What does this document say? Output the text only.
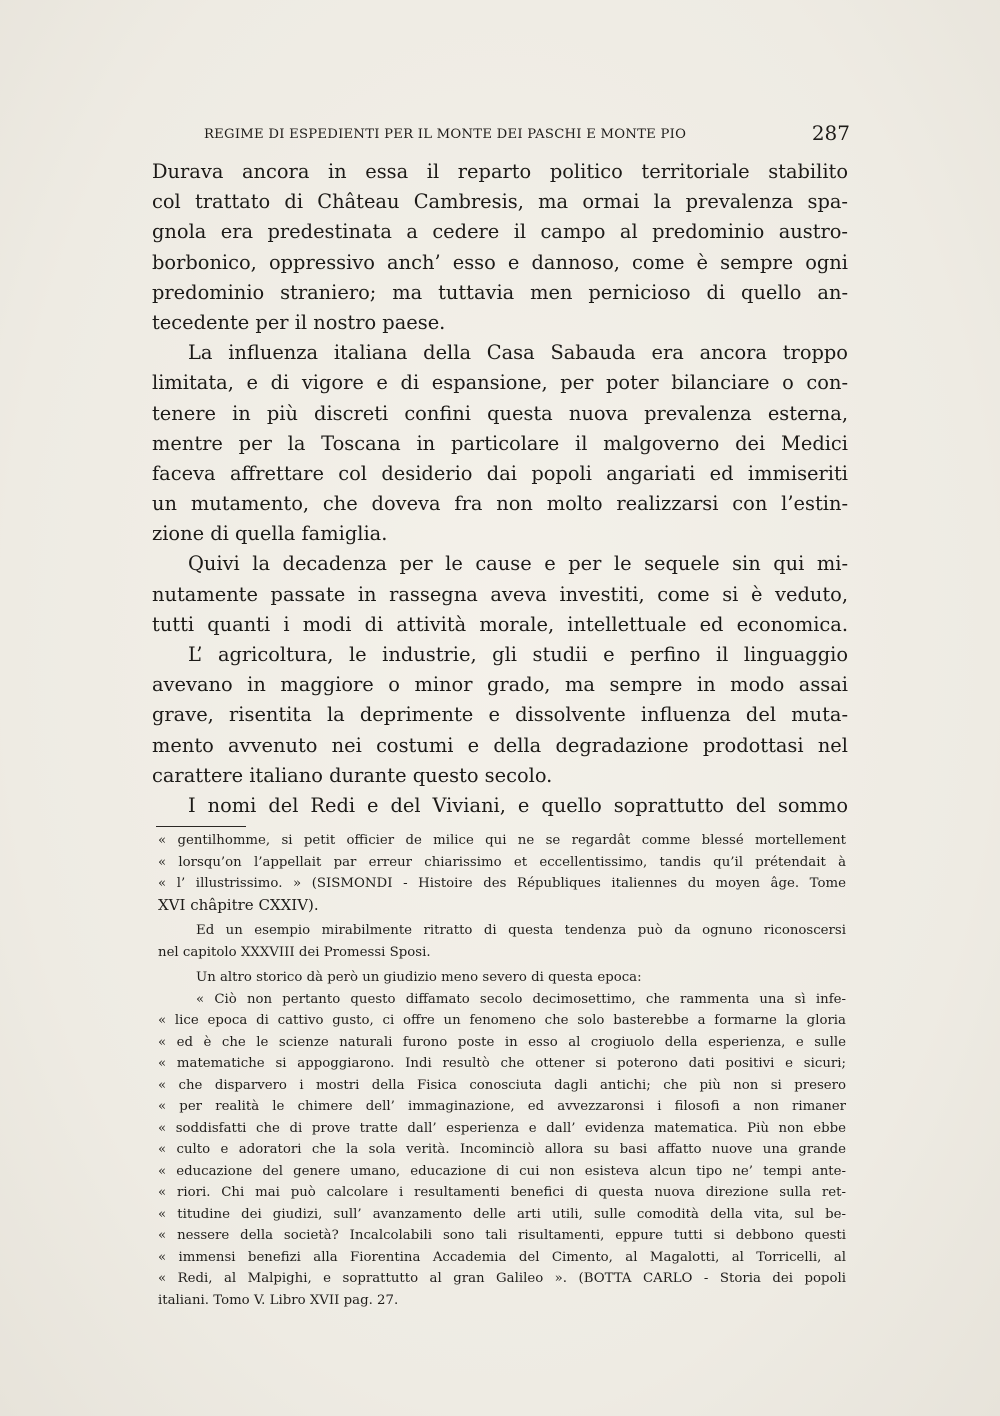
REGIME DI ESPEDIENTI PER IL MONTE DEI PASCHI E MONTE PIO	287
Durava ancora in essa il reparto politico territoriale stabilito
col trattato di Château Cambresis, ma ormai la prevalenza spa-
gnola era predestinata a cedere il campo al predominio austro-
borbonico, oppressivo anch’ esso e dannoso, come è sempre ogni
predominio straniero; ma tuttavia men pernicioso di quello an-
tecedente per il nostro paese.
La influenza italiana della Casa Sabauda era ancora troppo
limitata, e di vigore e di espansione, per poter bilanciare o con-
tenere in più discreti confini questa nuova prevalenza esterna,
mentre per la Toscana in particolare il malgoverno dei Medici
faceva affrettare col desiderio dai popoli angariati ed immiseriti
un mutamento, che doveva fra non molto realizzarsi con l’estin-
zione di quella famiglia.
Quivi la decadenza per le cause e per le sequele sin qui mi-
nutamente passate in rassegna aveva investiti, come si è veduto,
tutti quanti i modi di attività morale, intellettuale ed economica.
L’ agricoltura, le industrie, gli studii e perfino il linguaggio
avevano in maggiore o minor grado, ma sempre in modo assai
grave, risentita la deprimente e dissolvente influenza del muta-
mento avvenuto nei costumi e della degradazione prodottasi nel
carattere italiano durante questo secolo.
I nomi del Redi e del Viviani, e quello soprattutto del sommo
« gentilhomme, si petit officier de milice qui ne se regardât comme blessé mortellement
« lorsqu’on l’appellait par erreur chiarissimo et eccellentissimo, tandis qu’il prétendait à
« l’ illustrissimo. » (SISMONDI - Histoire des Républiques italiennes du moyen âge. Tome
XVI châpitre CXXIV).
Ed un esempio mirabilmente ritratto di questa tendenza può da ognuno riconoscersi
nel capitolo XXXVIII dei Promessi Sposi.
Un altro storico dà però un giudizio meno severo di questa epoca:
« Ciò non pertanto questo diffamato secolo decimosettimo, che rammenta una sì infe-
« lice epoca di cattivo gusto, ci offre un fenomeno che solo basterebbe a formarne la gloria
« ed è che le scienze naturali furono poste in esso al crogiuolo della esperienza, e sulle
« matematiche si appoggiarono. Indi resultò che ottener si poterono dati positivi e sicuri;
« che disparvero i mostri della Fisica conosciuta dagli antichi; che più non si presero
« per realità le chimere dell’ immaginazione, ed avvezzaronsi i filosofi a non rimaner
« soddisfatti che di prove tratte dall’ esperienza e dall’ evidenza matematica. Più non ebbe
« culto e adoratori che la sola verità. Incominciò allora su basi affatto nuove una grande
« educazione del genere umano, educazione di cui non esisteva alcun tipo ne’ tempi ante-
« riori. Chi mai può calcolare i resultamenti benefici di questa nuova direzione sulla ret-
« titudine dei giudizi, sull’ avanzamento delle arti utili, sulle comodità della vita, sul be-
« nessere della società? Incalcolabili sono tali risultamenti, eppure tutti si debbono questi
« immensi benefizi alla Fiorentina Accademia del Cimento, al Magalotti, al Torricelli, al
« Redi, al Malpighi, e soprattutto al gran Galileo ». (BOTTA CARLO - Storia dei popoli
italiani. Tomo V. Libro XVII pag. 27.
